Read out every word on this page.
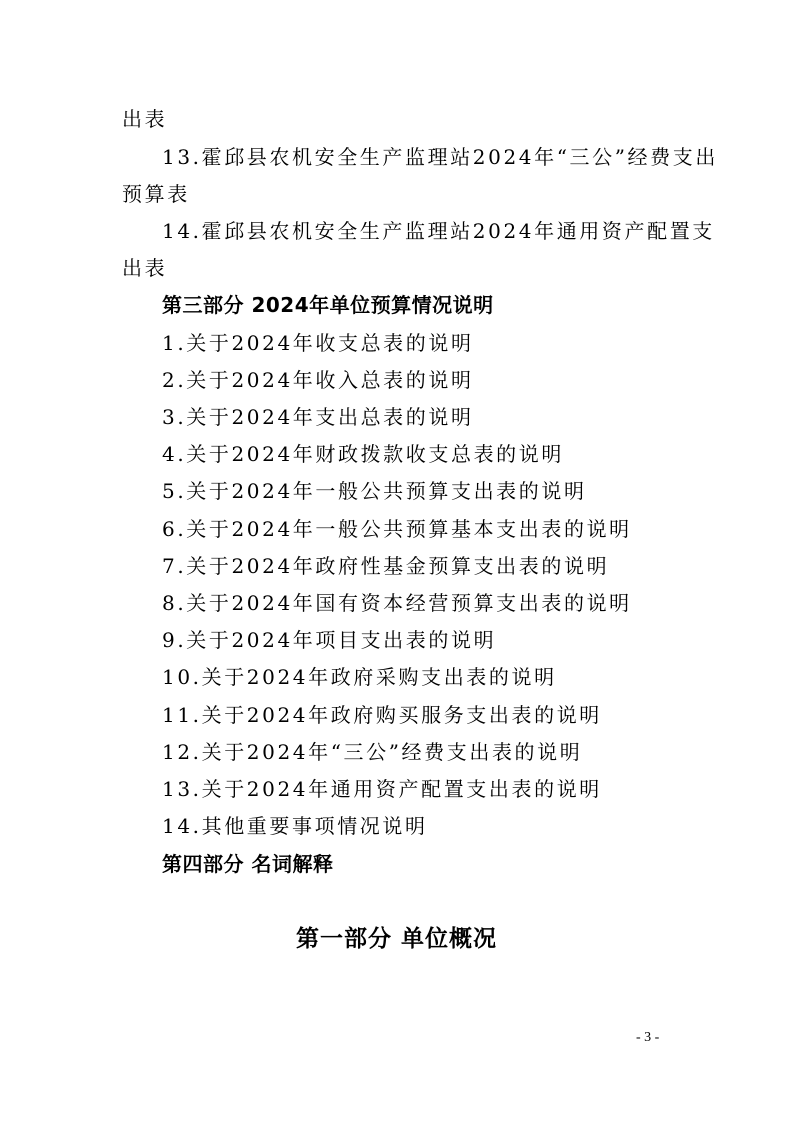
出表
13.霍邱县农机安全生产监理站2024年“三公”经费支出
预算表
14.霍邱县农机安全生产监理站2024年通用资产配置支
出表
第三部分 2024年单位预算情况说明
1.关于2024年收支总表的说明
2.关于2024年收入总表的说明
3.关于2024年支出总表的说明
4.关于2024年财政拨款收支总表的说明
5.关于2024年一般公共预算支出表的说明
6.关于2024年一般公共预算基本支出表的说明
7.关于2024年政府性基金预算支出表的说明
8.关于2024年国有资本经营预算支出表的说明
9.关于2024年项目支出表的说明
10.关于2024年政府采购支出表的说明
11.关于2024年政府购买服务支出表的说明
12.关于2024年“三公”经费支出表的说明
13.关于2024年通用资产配置支出表的说明
14.其他重要事项情况说明
第四部分 名词解释
第一部分 单位概况
- 3 -
